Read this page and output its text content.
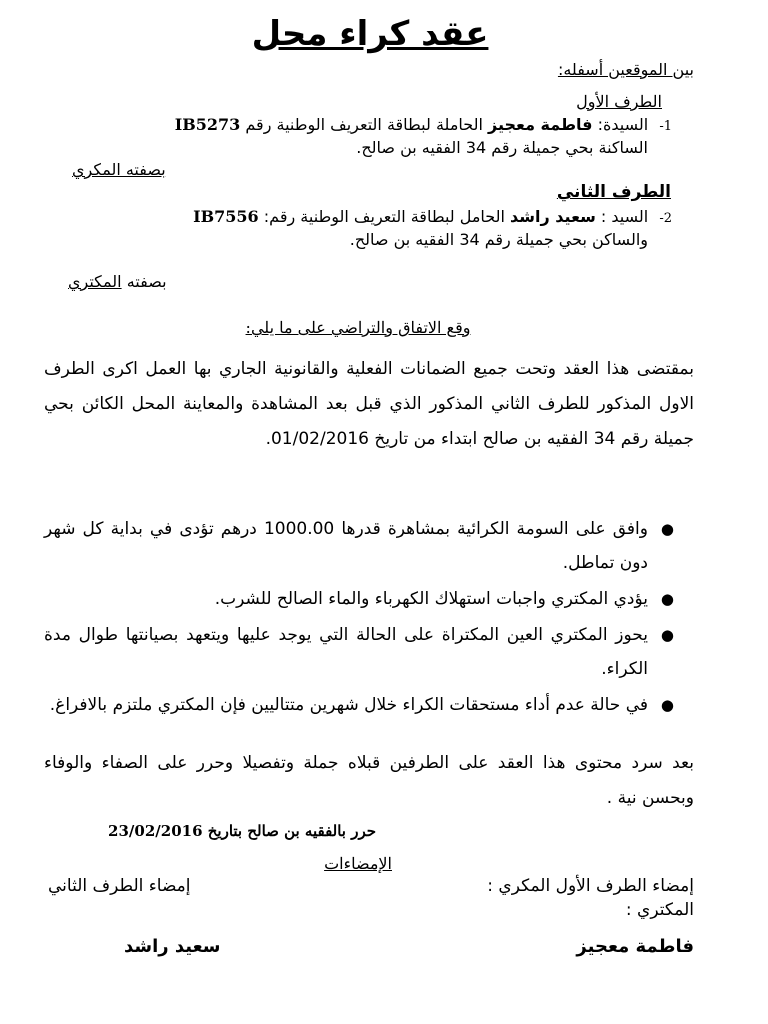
عقد كراء محل
بين الموقعين أسفله:
الطرف الأول
1- السيدة: فاطمة معجيز الحاملة لبطاقة التعريف الوطنية رقم IB5273
الساكنة بحي جميلة رقم 34 الفقيه بن صالح.
بصفته المكري
الطرف الثاني
2- السيد : سعيد راشد الحامل لبطاقة التعريف الوطنية رقم: IB7556
والساكن بحي جميلة رقم 34 الفقيه بن صالح.
بصفته المكتري
وقع الاتفاق والتراضي على ما يلي:

بمقتضى هذا العقد وتحت جميع الضمانات الفعلية والقانونية الجاري بها العمل اكرى الطرف الاول المذكور للطرف الثاني المذكور الذي قبل بعد المشاهدة والمعاينة المحل الكائن بحي جميلة رقم 34 الفقيه بن صالح ابتداء من تاريخ 01/02/2016.

●
وافق على السومة الكرائية بمشاهرة قدرها 1000.00 درهم تؤدى في بداية كل شهر دون تماطل.
●
يؤدي المكتري واجبات استهلاك الكهرباء والماء الصالح للشرب.
●
يحوز المكتري العين المكتراة على الحالة التي يوجد عليها ويتعهد بصيانتها طوال مدة الكراء.
●
في حالة عدم أداء مستحقات الكراء خلال شهرين متتاليين فإن المكتري ملتزم بالافراغ.

بعد سرد محتوى هذا العقد على الطرفين قبلاه جملة وتفصيلا وحرر على الصفاء والوفاء وبحسن نية .

حرر بالفقيه بن صالح بتاريخ 23/02/2016
الإمضاءات
إمضاء الطرف الأول المكري :
إمضاء الطرف الثاني
المكتري :
فاطمة معجيز
سعيد راشد
